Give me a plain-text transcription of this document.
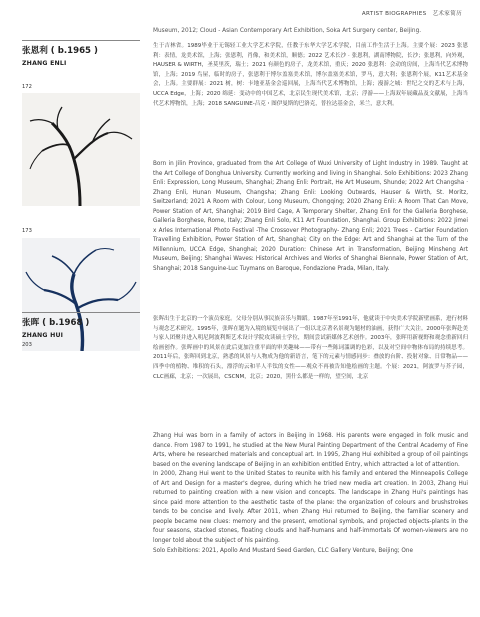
ARTIST BIOGRAPHIES 艺术家简历
Museum, 2012; Cloud - Asian Contemporary Art Exhibition, Soka Art Surgery center, Beijing.
张恩利 ( b.1965 )
ZHANG ENLI
172
生于吉林省。1989毕业于无锡轻工业大学艺术学院，任教于东华大学艺术学院，目前工作生活于上海。主要个展：2023 张恩利：表情，龙美术馆，上海；张恩利，肖像，和美术馆，顺德；2022 艺术长沙 · 张恩利，湖南博物院，长沙；张恩利，向外观，HAUSER & WIRTH，圣莫里茨，瑞士；2021 有颜色的房子，龙美术馆，重庆；2020 张恩利：会动的房间，上海当代艺术博物馆，上海；2019 鸟屋，临时的房子，张恩利于博尔盖塞美术馆，博尔盖塞美术馆，罗马，意大利；张恩利个展，K11艺术基金会，上海。主要群展：2021 树，树：卡地亚基金会巡回展，上海当代艺术博物馆，上海；漫游之城：世纪之交的艺术与上海，UCCA Edge，上海；2020 绵延：变动中的中国艺术，北京民生现代美术馆，北京；浮游——上海双年展藏品及文献展，上海当代艺术博物馆，上海；2018 SANGUINE-吕克・图伊曼斯的巴洛克，普拉达基金会，米兰，意大利。
173
Born in Jilin Province, graduated from the Art College of Wuxi University of Light Industry in 1989. Taught at the Art College of Donghua University. Currently working and living in Shanghai. Solo Exhibitions: 2023 Zhang Enli: Expression, Long Museum, Shanghai; Zhang Enli: Portrait, He Art Museum, Shunde; 2022 Art Changsha · Zhang Enli, Hunan Museum, Changsha; Zhang Enli: Looking Outwards, Hauser & Wirth, St. Moritz, Switzerland; 2021 A Room with Colour, Long Museum, Chongqing; 2020 Zhang Enli: A Room That Can Move, Power Station of Art, Shanghai; 2019 Bird Cage, A Temporary Shelter, Zhang Enli for the Galleria Borghese, Galleria Borghese, Rome, Italy; Zhang Enli Solo, K11 Art Foundation, Shanghai. Group Exhibitions: 2022 Jimei x Arles International Photo Festival -The Crossover Photography- Zhang Enli; 2021 Trees - Cartier Foundation Travelling Exhibition, Power Station of Art, Shanghai; City on the Edge: Art and Shanghai at the Turn of the Millennium, UCCA Edge, Shanghai; 2020 Duration: Chinese Art in Transformation, Beijing Minsheng Art Museum, Beijing; Shanghai Waves: Historical Archives and Works of Shanghai Biennale, Power Station of Art, Shanghai; 2018 Sanguine-Luc Tuymans on Baroque, Fondazione Prada, Milan, Italy.
张晖 ( b.1968 )
ZHANG HUI
203
张晖出生于北京的一个演员家庭。父母分别从事民族音乐与舞蹈。1987年至1991年，他就读于中央美术学院新壁画系，进行材料与观念艺术研究。1995年，张晖在题为入境的展览中展出了一组以北京著名景观为题材的油画，获得广大关注。2000年张晖赴美与家人团聚并进入明尼阿波利斯艺术设计学院攻读硕士学位，期间尝试新媒体艺术创作。2003年，张晖用新视野和观念重新回归绘画创作。张晖画中的风景在此后更加注重平面的审美趣味——带有一些陈词滥调的色彩，以及对空间中物体布局的持续思考。2011年后，张晖回到北京，熟悉的风景与人物成为他的新语言，笔下的元素与情感同步：叠放的台阶、投射对象、日常物品——四季中的植物、堆积的石头，漂浮的云和半人半钛的女性——观众不再被告知他绘画的主题。个展：2021，阿波罗与芥子园，CLC画廊，北京；一次展出，CSCNM，北京；2020，黑什么都是一样的，望空间，北京

Zhang Hui was born in a family of actors in Beijing in 1968. His parents were engaged in folk music and dance. From 1987 to 1991, he studied at the New Mural Painting Department of the Central Academy of Fine Arts, where he researched materials and conceptual art. In 1995, Zhang Hui exhibited a group of oil paintings based on the evening landscape of Beijing in an exhibition entitled Entry, which attracted a lot of attention.

In 2000, Zhang Hui went to the United States to reunite with his family and entered the Minneapolis College of Art and Design for a master's degree, during which he tried new media art creation. In 2003, Zhang Hui returned to painting creation with a new vision and concepts. The landscape in Zhang Hui's paintings has since paid more attention to the aesthetic taste of the plane: the organization of colours and brushstrokes tends to be concise and lively. After 2011, when Zhang Hui returned to Beijing, the familiar scenery and people became new clues: memory and the present, emotional symbols, and projected objects-plants in the four seasons, stacked stones, floating clouds and half-humans and half-immortals Of women-viewers are no longer told about the subject of his painting.

Solo Exhibitions: 2021, Apollo And Mustard Seed Garden, CLC Gallery Venture, Beijing; One
